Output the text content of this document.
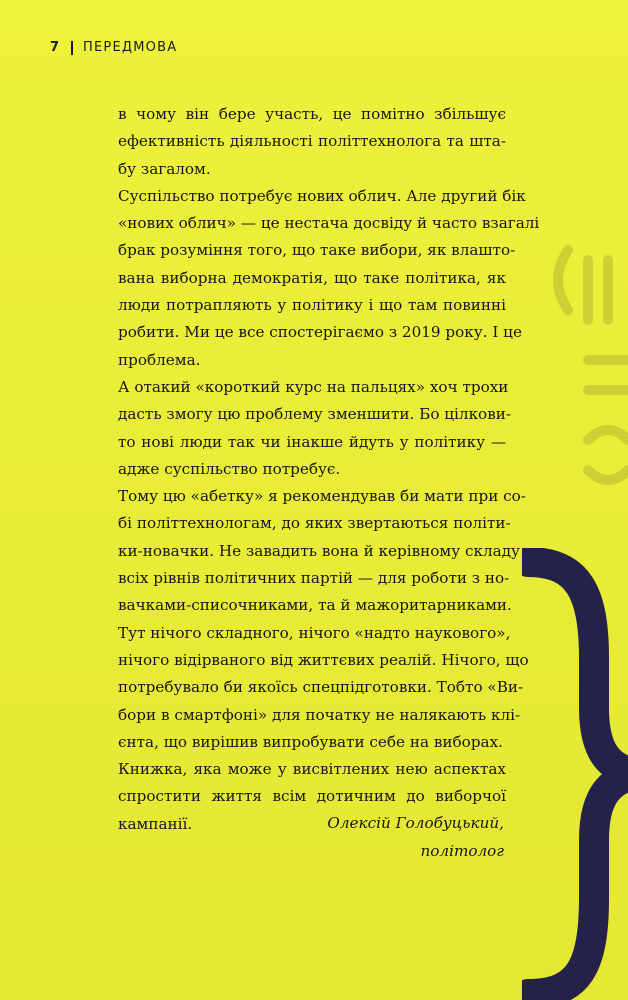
7 ПЕРЕДМОВА
в чому він бере участь, це помітно збільшує
ефективність діяльності політтехнолога та шта-
бу загалом.
Суспільство потребує нових облич. Але другий бік
«нових облич» — це нестача досвіду й часто взагалі
брак розуміння того, що таке вибори, як влашто-
вана виборна демократія, що таке політика, як
люди потрапляють у політику і що там повинні
робити. Ми це все спостерігаємо з 2019 року. І це
проблема.
А отакий «короткий курс на пальцях» хоч трохи
дасть змогу цю проблему зменшити. Бо цілкови-
то нові люди так чи інакше йдуть у політику —
адже суспільство потребує.
Тому цю «абетку» я рекомендував би мати при со-
бі політтехнологам, до яких звертаються політи-
ки-новачки. Не завадить вона й керівному складу
всіх рівнів політичних партій — для роботи з но-
вачками-списочниками, та й мажоритарниками.
Тут нічого складного, нічого «надто наукового»,
нічого відірваного від життєвих реалій. Нічого, що
потребувало би якоїсь спецпідготовки. Тобто «Ви-
бори в смартфоні» для початку не налякають клі-
єнта, що вирішив випробувати себе на виборах.
Книжка, яка може у висвітлених нею аспектах
спростити життя всім дотичним до виборчої
кампанії.	Олексій Голобуцький,
політолог
